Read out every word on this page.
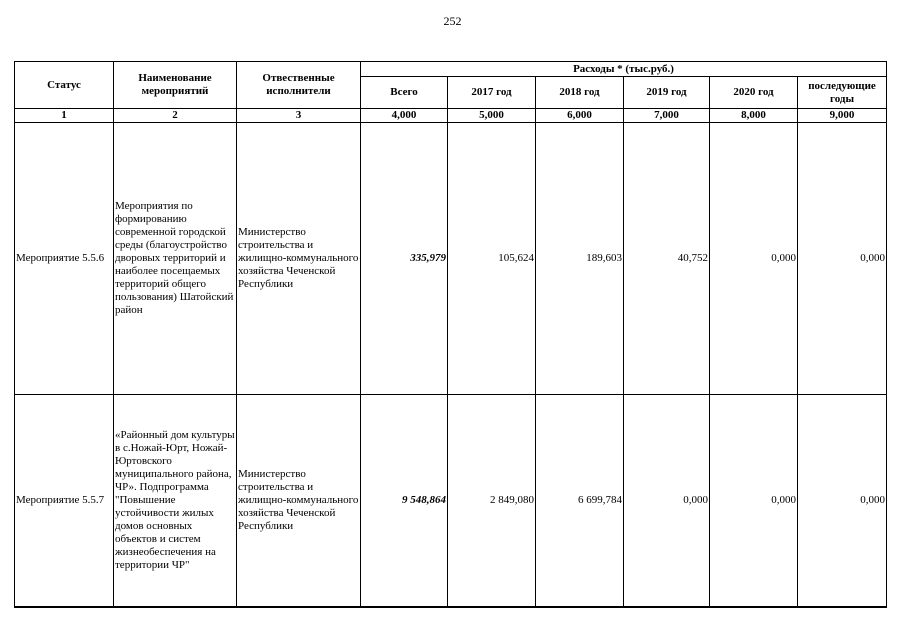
252
Статус	Наименование мероприятий	Отвественные исполнители	Расходы * (тыс.руб.)					
			Всего	2017 год	2018 год	2019 год	2020 год	последующие годы

1	2	3	4,000	5,000	6,000	7,000	8,000	9,000
Мероприятие 5.5.6	Мероприятия по формированию современной городской среды (благоустройство дворовых территорий и наиболее посещаемых территорий общего пользования) Шатойский район	Министерство строительства и жилищно-коммунального хозяйства Чеченской Республики	335,979	105,624	189,603	40,752	0,000	0,000
Мероприятие 5.5.7	«Районный дом культуры в с.Ножай-Юрт, Ножай-Юртовского муниципального района, ЧР». Подпрограмма "Повышение устойчивости жилых домов основных объектов и систем жизнеобеспечения на территории ЧР"	Министерство строительства и жилищно-коммунального хозяйства Чеченской Республики	9 548,864	2 849,080	6 699,784	0,000	0,000	0,000
